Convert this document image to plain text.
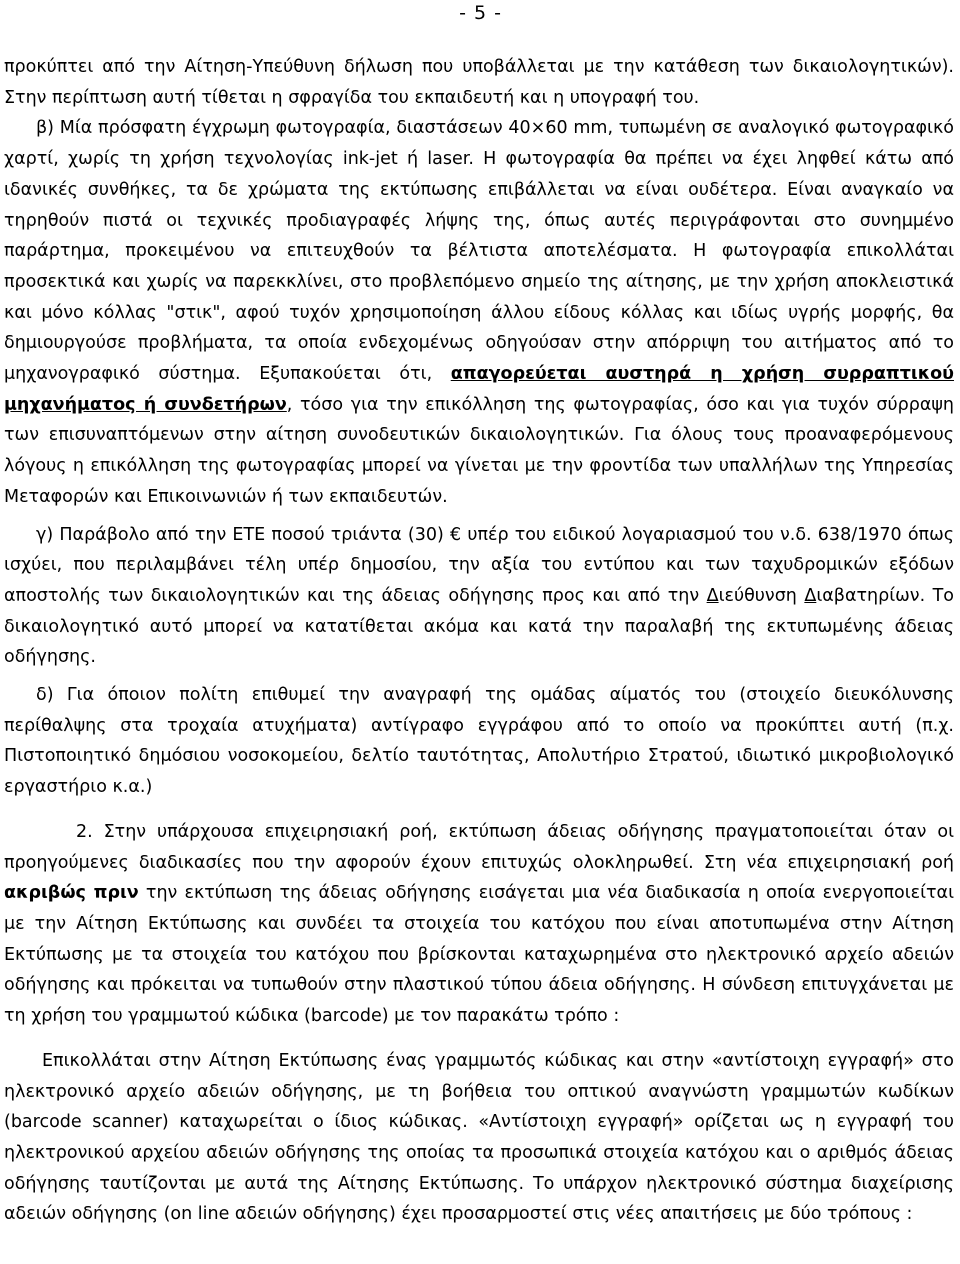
- 5 -

προκύπτει από την Αίτηση-Υπεύθυνη δήλωση που υποβάλλεται με την κατάθεση των δικαιολογητικών). Στην περίπτωση αυτή τίθεται η σφραγίδα του εκπαιδευτή και η υπογραφή του.

β) Μία πρόσφατη έγχρωμη φωτογραφία, διαστάσεων 40×60 mm, τυπωμένη σε αναλογικό φωτογραφικό χαρτί, χωρίς τη χρήση τεχνολογίας ink-jet ή laser. Η φωτογραφία θα πρέπει να έχει ληφθεί κάτω από ιδανικές συνθήκες, τα δε χρώματα της εκτύπωσης επιβάλλεται να είναι ουδέτερα. Είναι αναγκαίο να τηρηθούν πιστά οι τεχνικές προδιαγραφές λήψης της, όπως αυτές περιγράφονται στο συνημμένο παράρτημα, προκειμένου να επιτευχθούν τα βέλτιστα αποτελέσματα. Η φωτογραφία επικολλάται προσεκτικά και χωρίς να παρεκκλίνει, στο προβλεπόμενο σημείο της αίτησης, με την χρήση αποκλειστικά και μόνο κόλλας "στικ", αφού τυχόν χρησιμοποίηση άλλου είδους κόλλας και ιδίως υγρής μορφής, θα δημιουργούσε προβλήματα, τα οποία ενδεχομένως οδηγούσαν στην απόρριψη του αιτήματος από το μηχανογραφικό σύστημα. Εξυπακούεται ότι, απαγορεύεται αυστηρά η χρήση συρραπτικού μηχανήματος ή συνδετήρων, τόσο για την επικόλληση της φωτογραφίας, όσο και για τυχόν σύρραψη των επισυναπτόμενων στην αίτηση συνοδευτικών δικαιολογητικών. Για όλους τους προαναφερόμενους λόγους η επικόλληση της φωτογραφίας μπορεί να γίνεται με την φροντίδα των υπαλλήλων της Υπηρεσίας Μεταφορών και Επικοινωνιών ή των εκπαιδευτών.

γ) Παράβολο από την ΕΤΕ ποσού τριάντα (30) € υπέρ του ειδικού λογαριασμού του ν.δ. 638/1970 όπως ισχύει, που περιλαμβάνει τέλη υπέρ δημοσίου, την αξία του εντύπου και των ταχυδρομικών εξόδων αποστολής των δικαιολογητικών και της άδειας οδήγησης προς και από την Διεύθυνση Διαβατηρίων. Το δικαιολογητικό αυτό μπορεί να κατατίθεται ακόμα και κατά την παραλαβή της εκτυπωμένης άδειας οδήγησης.

δ) Για όποιον πολίτη επιθυμεί την αναγραφή της ομάδας αίματός του (στοιχείο διευκόλυνσης περίθαλψης στα τροχαία ατυχήματα) αντίγραφο εγγράφου από το οποίο να προκύπτει αυτή (π.χ. Πιστοποιητικό δημόσιου νοσοκομείου, δελτίο ταυτότητας, Απολυτήριο Στρατού, ιδιωτικό μικροβιολογικό εργαστήριο κ.α.)

2. Στην υπάρχουσα επιχειρησιακή ροή, εκτύπωση άδειας οδήγησης πραγματοποιείται όταν οι προηγούμενες διαδικασίες που την αφορούν έχουν επιτυχώς ολοκληρωθεί. Στη νέα επιχειρησιακή ροή ακριβώς πριν την εκτύπωση της άδειας οδήγησης εισάγεται μια νέα διαδικασία η οποία ενεργοποιείται με την Αίτηση Εκτύπωσης και συνδέει τα στοιχεία του κατόχου που είναι αποτυπωμένα στην Αίτηση Εκτύπωσης με τα στοιχεία του κατόχου που βρίσκονται καταχωρημένα στο ηλεκτρονικό αρχείο αδειών οδήγησης και πρόκειται να τυπωθούν στην πλαστικού τύπου άδεια οδήγησης. Η σύνδεση επιτυγχάνεται με τη χρήση του γραμμωτού κώδικα (barcode) με τον παρακάτω τρόπο :

Επικολλάται στην Αίτηση Εκτύπωσης ένας γραμμωτός κώδικας και στην «αντίστοιχη εγγραφή» στο ηλεκτρονικό αρχείο αδειών οδήγησης, με τη βοήθεια του οπτικού αναγνώστη γραμμωτών κωδίκων (barcode scanner) καταχωρείται ο ίδιος κώδικας. «Αντίστοιχη εγγραφή» ορίζεται ως η εγγραφή του ηλεκτρονικού αρχείου αδειών οδήγησης της οποίας τα προσωπικά στοιχεία κατόχου και ο αριθμός άδειας οδήγησης ταυτίζονται με αυτά της Αίτησης Εκτύπωσης. Το υπάρχον ηλεκτρονικό σύστημα διαχείρισης αδειών οδήγησης (on line αδειών οδήγησης) έχει προσαρμοστεί στις νέες απαιτήσεις με δύο τρόπους :
